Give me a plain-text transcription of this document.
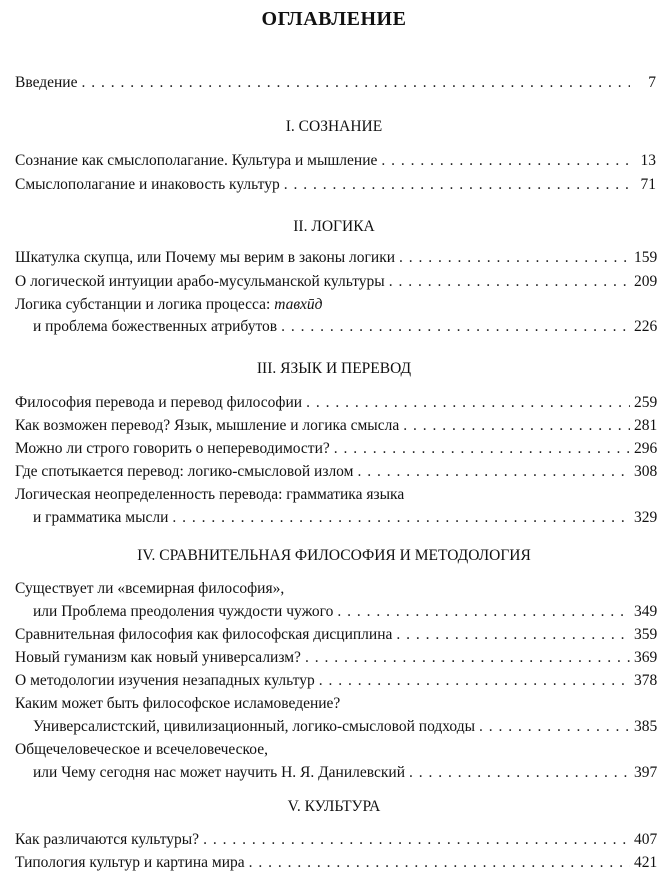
ОГЛАВЛЕНИЕ
Введение . . .	7
I. СОЗНАНИЕ
Сознание как смыслополагание. Культура и мышление . . .	13
Смыслополагание и инаковость культур . . .	71
II. ЛОГИКА
Шкатулка скупца, или Почему мы верим в законы логики . . .	159
О логической интуиции арабо-мусульманской культуры . . .	209
Логика субстанции и логика процесса: тавхӣд
и проблема божественных атрибутов . . .	226
III. ЯЗЫК И ПЕРЕВОД
Философия перевода и перевод философии . . .	259
Как возможен перевод? Язык, мышление и логика смысла . . .	281
Можно ли строго говорить о непереводимости? . . .	296
Где спотыкается перевод: логико-смысловой излом . . .	308
Логическая неопределенность перевода: грамматика языка
и грамматика мысли . . .	329
IV. СРАВНИТЕЛЬНАЯ ФИЛОСОФИЯ И МЕТОДОЛОГИЯ
Существует ли «всемирная философия»,
или Проблема преодоления чуждости чужого . . .	349
Сравнительная философия как философская дисциплина . . .	359
Новый гуманизм как новый универсализм? . . .	369
О методологии изучения незападных культур . . .	378
Каким может быть философское исламоведение?
Универсалистский, цивилизационный, логико-смысловой подходы . . .	385
Общечеловеческое и всечеловеческое,
или Чему сегодня нас может научить Н. Я. Данилевский . . .	397
V. КУЛЬТУРА
Как различаются культуры? . . .	407
Типология культур и картина мира . . .	421
